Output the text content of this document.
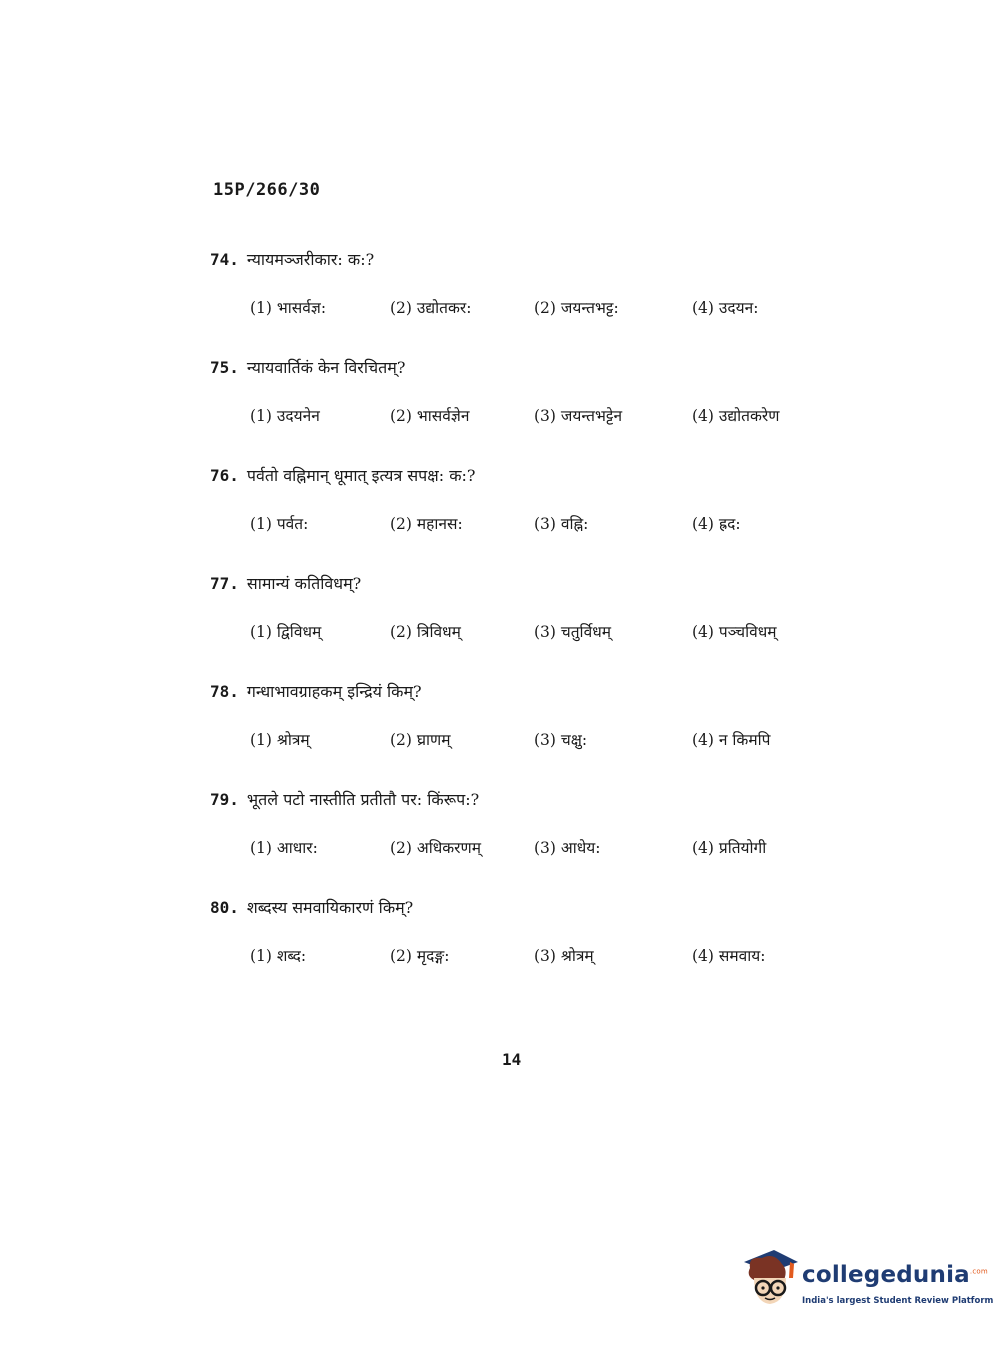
15P/266/30
74. न्यायमञ्जरीकार: क:?
(1) भासर्वज्ञ:	(2) उद्योतकर:	(2) जयन्तभट्ट:	(4) उदयन:
75. न्यायवार्तिकं केन विरचितम्?
(1) उदयनेन	(2) भासर्वज्ञेन	(3) जयन्तभट्टेन	(4) उद्योतकरेण
76. पर्वतो वह्निमान् धूमात् इत्यत्र सपक्ष: क:?
(1) पर्वत:	(2) महानस:	(3) वह्नि:	(4) ह्रद:
77. सामान्यं कतिविधम्?
(1) द्विविधम्	(2) त्रिविधम्	(3) चतुर्विधम्	(4) पञ्चविधम्
78. गन्धाभावग्राहकम् इन्द्रियं किम्?
(1) श्रोत्रम्	(2) घ्राणम्	(3) चक्षु:	(4) न किमपि
79. भूतले पटो नास्तीति प्रतीतौ पर: किंरूप:?
(1) आधार:	(2) अधिकरणम्	(3) आधेय:	(4) प्रतियोगी
80. शब्दस्य समवायिकारणं किम्?
(1) शब्द:	(2) मृदङ्ग:	(3) श्रोत्रम्	(4) समवाय:
14
collegedunia$^{.com}$
India's largest Student Review Platform
